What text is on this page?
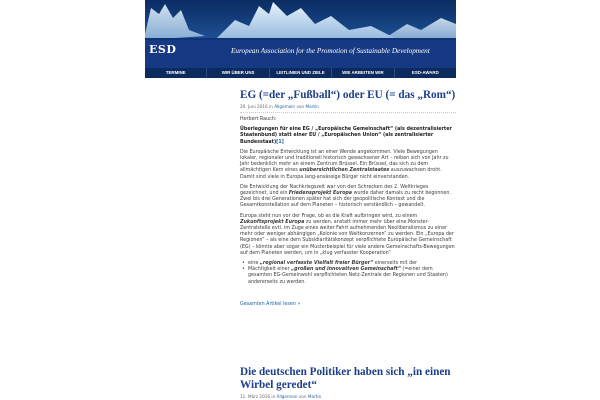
ESD	European Association for the Promotion of Sustainable Development
TERMINE	WIR ÜBER UNS	LEITLINIEN UND ZIELE	WIE ARBEITEN WIR	ESD-AWARD
EG (=der „Fußball“) oder EU (= das „Rom“)
20. Juni 2016 in Allgemein von Martin

Herbert Rauch:

Überlegungen für eine EG / „Europäische Gemeinschaft“ (als dezentralisierter Staatenbund) statt einer EU / „Europäischen Union“ (als zentralisierter Bundesstaat)[1]

Die Europäische Entwicklung ist an einer Wende angekommen. Viele Bewegungen lokaler, regionaler und traditionell historisch gewachsener Art – reiben sich von Jahr zu Jahr bedenklich mehr an einem Zentrum Brüssel. Ein Brüssel, das sich zu dem allmächtigen Kern eines unübersichtlichen Zentralstaates auszuwachsen droht. Damit sind viele in Europa lang-ansässige Bürger nicht einverstanden.

Die Entwicklung der Nachkriegszeit war von den Schrecken des 2. Weltkrieges gezeichnet, und ein Friedensprojekt Europa wurde daher damals zu recht begonnen. Zwei bis drei Generationen später hat sich der geopolitische Kontext und die Gesamtkonstellation auf dem Planeten – historisch verständlich – gewandelt.

Europa steht nun vor der Frage, ob es die Kraft aufbringen wird, zu einem Zukunftsprojekt Europa zu werden, anstatt immer mehr über eine Monster-Zentralstelle evtl. im Zuge eines weiter Fahrt aufnehmenden Neoliberalismus zu einer mehr oder weniger abhängigen „Kolonie von Weltkonzernen“ zu werden. Ein „Europa der Regionen“ – als eine dem Subsidiaritätskonzept verpflichtete Europäische Gemeinschaft (EG) – könnte aber sogar ein Musterbeispiel für viele andere Gemeinschafts-Bewegungen auf dem Planeten werden, um in „klug verfasster Kooperation“

• eine „regional verfasste Vielfalt freier Bürger“ einerseits mit der
• Mächtigkeit einer „großen und innovativen Gemeinschaft“ (=einer dem gesamten EG-Gemeinwohl verpflichteten Netz-Zentrale der Regionen und Staaten) andererseits zu werden.
Gesamten Artikel lesen »
Die deutschen Politiker haben sich „in einen Wirbel geredet“
11. März 2016 in Allgemein von Martin
